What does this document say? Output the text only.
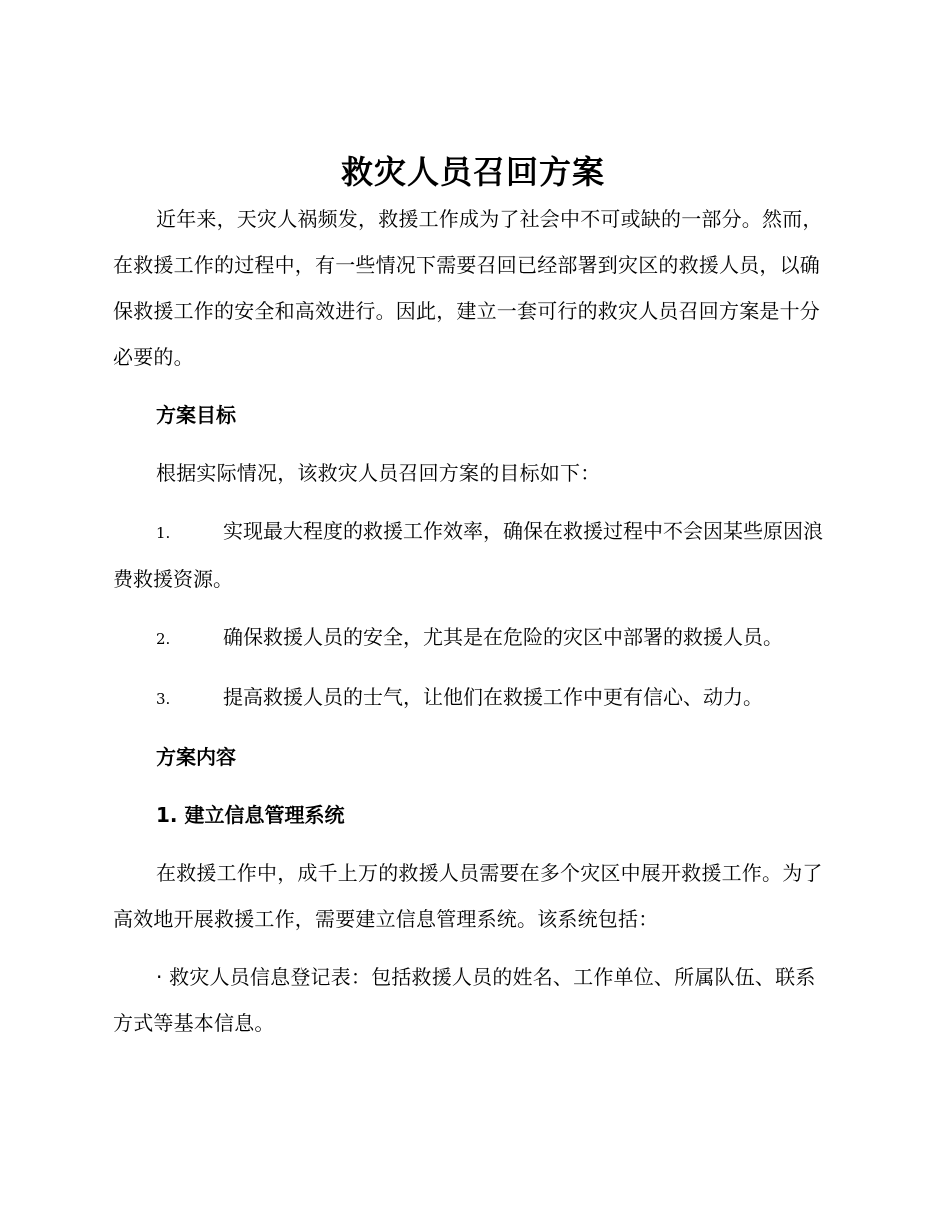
救灾人员召回方案

近年来，天灾人祸频发，救援工作成为了社会中不可或缺的一部分。然而，在救援工作的过程中，有一些情况下需要召回已经部署到灾区的救援人员，以确保救援工作的安全和高效进行。因此，建立一套可行的救灾人员召回方案是十分必要的。

方案目标

根据实际情况，该救灾人员召回方案的目标如下：

1.	实现最大程度的救援工作效率，确保在救援过程中不会因某些原因浪费救援资源。

2.	确保救援人员的安全，尤其是在危险的灾区中部署的救援人员。

3.	提高救援人员的士气，让他们在救援工作中更有信心、动力。

方案内容
1. 建立信息管理系统

在救援工作中，成千上万的救援人员需要在多个灾区中展开救援工作。为了高效地开展救援工作，需要建立信息管理系统。该系统包括：

· 救灾人员信息登记表：包括救援人员的姓名、工作单位、所属队伍、联系方式等基本信息。
